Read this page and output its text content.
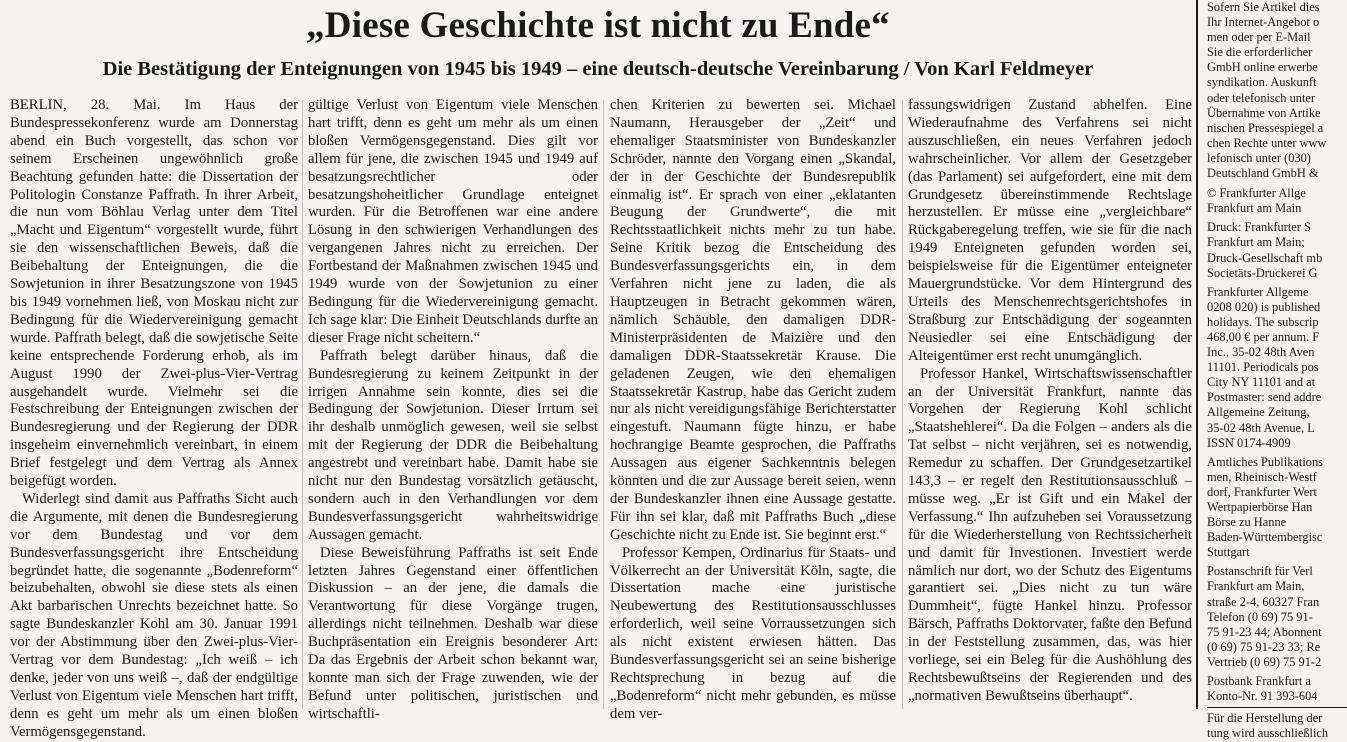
„Diese Geschichte ist nicht zu Ende“
Die Bestätigung der Enteignungen von 1945 bis 1949 – eine deutsch-deutsche Vereinbarung / Von Karl Feldmeyer

BERLIN, 28. Mai. Im Haus der Bundespressekonferenz wurde am Donnerstag abend ein Buch vorgestellt, das schon vor seinem Erscheinen ungewöhnlich große Beachtung gefunden hatte: die Dissertation der Politologin Constanze Paffrath. In ihrer Arbeit, die nun vom Böhlau Verlag unter dem Titel „Macht und Eigentum“ vorgestellt wurde, führt sie den wissenschaftlichen Beweis, daß die Beibehaltung der Enteignungen, die die Sowjetunion in ihrer Besatzungszone von 1945 bis 1949 vornehmen ließ, von Moskau nicht zur Bedingung für die Wiedervereinigung gemacht wurde. Paffrath belegt, daß die sowjetische Seite keine entsprechende Forderung erhob, als im August 1990 der Zwei-plus-Vier-Vertrag ausgehandelt wurde. Vielmehr sei die Festschreibung der Enteignungen zwischen der Bundesregierung und der Regierung der DDR insgeheim einvernehmlich vereinbart, in einem Brief festgelegt und dem Vertrag als Annex beigefügt worden.

Widerlegt sind damit aus Paffraths Sicht auch die Argumente, mit denen die Bundesregierung vor dem Bundestag und vor dem Bundesverfassungsgericht ihre Entscheidung begründet hatte, die sogenannte „Bodenreform“ beizubehalten, obwohl sie diese stets als einen Akt barbarischen Unrechts bezeichnet hatte. So sagte Bundeskanzler Kohl am 30. Januar 1991 vor der Abstimmung über den Zwei-plus-Vier-Vertrag vor dem Bundestag: „Ich weiß – ich denke, jeder von uns weiß –, daß der endgültige Verlust von Eigentum viele Menschen hart trifft, denn es geht um mehr als um einen bloßen Vermögensgegenstand.

gültige Verlust von Eigentum viele Menschen hart trifft, denn es geht um mehr als um einen bloßen Vermögensgegenstand. Dies gilt vor allem für jene, die zwischen 1945 und 1949 auf besatzungsrechtlicher oder besatzungshoheitlicher Grundlage enteignet wurden. Für die Betroffenen war eine andere Lösung in den schwierigen Verhandlungen des vergangenen Jahres nicht zu erreichen. Der Fortbestand der Maßnahmen zwischen 1945 und 1949 wurde von der Sowjetunion zu einer Bedingung für die Wiedervereinigung gemacht. Ich sage klar: Die Einheit Deutschlands durfte an dieser Frage nicht scheitern.“

Paffrath belegt darüber hinaus, daß die Bundesregierung zu keinem Zeitpunkt in der irrigen Annahme sein konnte, dies sei die Bedingung der Sowjetunion. Dieser Irrtum sei ihr deshalb unmöglich gewesen, weil sie selbst mit der Regierung der DDR die Beibehaltung angestrebt und vereinbart habe. Damit habe sie nicht nur den Bundestag vorsätzlich getäuscht, sondern auch in den Verhandlungen vor dem Bundesverfassungsgericht wahrheitswidrige Aussagen gemacht.

Diese Beweisführung Paffraths ist seit Ende letzten Jahres Gegenstand einer öffentlichen Diskussion – an der jene, die damals die Verantwortung für diese Vorgänge trugen, allerdings nicht teilnehmen. Deshalb war diese Buchpräsentation ein Ereignis besonderer Art: Da das Ergebnis der Arbeit schon bekannt war, konnte man sich der Frage zuwenden, wie der Befund unter politischen, juristischen und wirtschaftli-

chen Kriterien zu bewerten sei. Michael Naumann, Herausgeber der „Zeit“ und ehemaliger Staatsminister von Bundeskanzler Schröder, nannte den Vorgang einen „Skandal, der in der Geschichte der Bundesrepublik einmalig ist“. Er sprach von einer „eklatanten Beugung der Grundwerte“, die mit Rechtsstaatlichkeit nichts mehr zu tun habe. Seine Kritik bezog die Entscheidung des Bundesverfassungsgerichts ein, in dem Verfahren nicht jene zu laden, die als Hauptzeugen in Betracht gekommen wären, nämlich Schäuble, den damaligen DDR-Ministerpräsidenten de Maizière und den damaligen DDR-Staatssekretär Krause. Die geladenen Zeugen, wie den ehemaligen Staatssekretär Kastrup, habe das Gericht zudem nur als nicht vereidigungsfähige Berichterstatter eingestuft. Naumann fügte hinzu, er habe hochrangige Beamte gesprochen, die Paffraths Aussagen aus eigener Sachkenntnis belegen könnten und die zur Aussage bereit seien, wenn der Bundeskanzler ihnen eine Aussage gestatte. Für ihn sei klar, daß mit Paffraths Buch „diese Geschichte nicht zu Ende ist. Sie beginnt erst.“

Professor Kempen, Ordinarius für Staats- und Völkerrecht an der Universität Köln, sagte, die Dissertation mache eine juristische Neubewertung des Restitutionsausschlusses erforderlich, weil seine Vorraussetzungen sich als nicht existent erwiesen hätten. Das Bundesverfassungsgericht sei an seine bisherige Rechtsprechung in bezug auf die „Bodenreform“ nicht mehr gebunden, es müsse dem ver-

fassungswidrigen Zustand abhelfen. Eine Wiederaufnahme des Verfahrens sei nicht auszuschließen, ein neues Verfahren jedoch wahrscheinlicher. Vor allem der Gesetzgeber (das Parlament) sei aufgefordert, eine mit dem Grundgesetz übereinstimmende Rechtslage herzustellen. Er müsse eine „vergleichbare“ Rückgaberegelung treffen, wie sie für die nach 1949 Enteigneten gefunden worden sei, beispielsweise für die Eigentümer enteigneter Mauergrundstücke. Vor dem Hintergrund des Urteils des Menschenrechtsgerichtshofes in Straßburg zur Entschädigung der sogeannten Neusiedler sei eine Entschädigung der Alteigentümer erst recht unumgänglich.

Professor Hankel, Wirtschaftswissenschaftler an der Universität Frankfurt, nannte das Vorgehen der Regierung Kohl schlicht „Staatshehlerei“. Da die Folgen – anders als die Tat selbst – nicht verjähren, sei es notwendig, Remedur zu schaffen. Der Grundgesetzartikel 143,3 – er regelt den Restitutionsausschluß – müsse weg. „Er ist Gift und ein Makel der Verfassung.“ Ihn aufzuheben sei Voraussetzung für die Wiederherstellung von Rechtssicherheit und damit für Investionen. Investiert werde nämlich nur dort, wo der Schutz des Eigentums garantiert sei. „Dies nicht zu tun wäre Dummheit“, fügte Hankel hinzu. Professor Bärsch, Paffraths Doktorvater, faßte den Befund in der Feststellung zusammen, das, was hier vorliege, sei ein Beleg für die Aushöhlung des Rechtsbewußtseins der Regierenden und des „normativen Bewußtseins überhaupt“.

Sofern Sie Artikel dies
Ihr Internet-Angebot o
men oder per E-Mail
Sie die erforderlicher
GmbH online erwerbe
syndikation. Auskunft
oder telefonisch unter
Übernahme von Artike
nischen Pressespiegel a
chen Rechte unter www
lefonisch unter (030)
Deutschland GmbH &
© Frankfurter Allge
Frankfurt am Main
Druck: Frankfurter S
Frankfurt am Main;
Druck-Gesellschaft mb
Societäts-Druckerei G
Frankfurter Allgeme
0208 020) is published
holidays. The subscrip
468,00 € per annum. F
Inc., 35-02 48th Aven
11101. Periodicals pos
City NY 11101 and at
Postmaster: send addre
Allgemeine Zeitung,
35-02 48th Avenue, L
ISSN 0174-4909
Amtliches Publikations
men, Rheinisch-Westf
dorf, Frankfurter Wert
Wertpapierbörse Han
Börse zu Hanne
Baden-Württembergisc
Stuttgart
Postanschrift für Verl
Frankfurt am Main,
straße 2-4, 60327 Fran
Telefon (0 69) 75 91-
75 91-23 44; Abonnent
(0 69) 75 91-23 33; Re
Vertrieb (0 69) 75 91-2
Postbank Frankfurt a
Konto-Nr. 91 393-604
Für die Herstellung der
tung wird ausschließlich
